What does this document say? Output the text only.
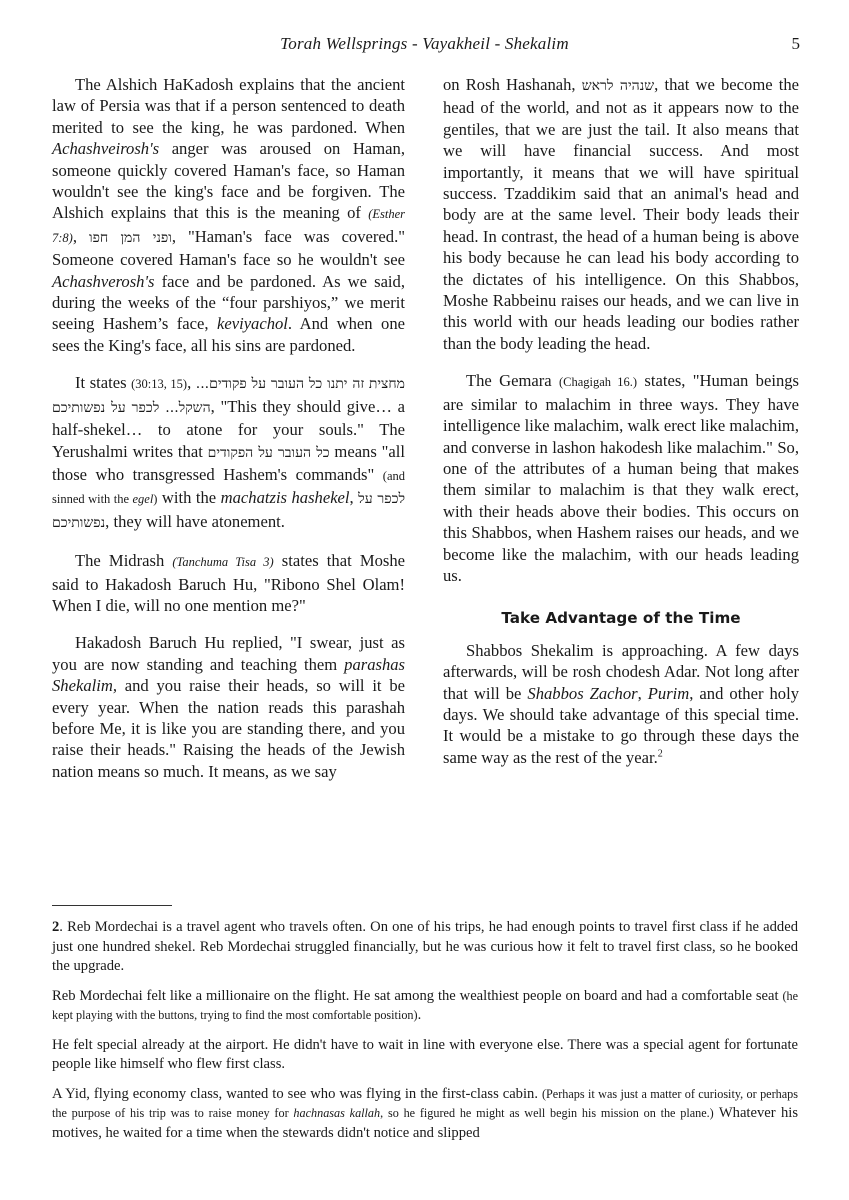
Torah Wellsprings - Vayakheil - Shekalim	5

The Alshich HaKadosh explains that the ancient law of Persia was that if a person sentenced to death merited to see the king, he was pardoned. When Achashveirosh's anger was aroused on Haman, someone quickly covered Haman's face, so Haman wouldn't see the king's face and be forgiven. The Alshich explains that this is the meaning of (Esther 7:8), ופני המן חפו, "Haman's face was covered." Someone covered Haman's face so he wouldn't see Achashverosh's face and be pardoned. As we said, during the weeks of the “four parshiyos,” we merit seeing Hashem’s face, keviyachol. And when one sees the King's face, all his sins are pardoned.

It states (30:13, 15), זה יתנו כל העובר על פקודים... מחצית השקל... לכפר על נפשותיכם, "This they should give… a half-shekel… to atone for your souls." The Yerushalmi writes that כל העובר על הפקודים means "all those who transgressed Hashem's commands" (and sinned with the egel) with the machatzis hashekel, לכפר על נפשותיכם, they will have atonement.

The Midrash (Tanchuma Tisa 3) states that Moshe said to Hakadosh Baruch Hu, "Ribono Shel Olam! When I die, will no one mention me?"

Hakadosh Baruch Hu replied, "I swear, just as you are now standing and teaching them parashas Shekalim, and you raise their heads, so will it be every year. When the nation reads this parashah before Me, it is like you are standing there, and you raise their heads." Raising the heads of the Jewish nation means so much. It means, as we say

on Rosh Hashanah, שנהיה לראש, that we become the head of the world, and not as it appears now to the gentiles, that we are just the tail. It also means that we will have financial success. And most importantly, it means that we will have spiritual success. Tzaddikim said that an animal's head and body are at the same level. Their body leads their head. In contrast, the head of a human being is above his body because he can lead his body according to the dictates of his intelligence. On this Shabbos, Moshe Rabbeinu raises our heads, and we can live in this world with our heads leading our bodies rather than the body leading the head.

The Gemara (Chagigah 16.) states, "Human beings are similar to malachim in three ways. They have intelligence like malachim, walk erect like malachim, and converse in lashon hakodesh like malachim." So, one of the attributes of a human being that makes them similar to malachim is that they walk erect, with their heads above their bodies. This occurs on this Shabbos, when Hashem raises our heads, and we become like the malachim, with our heads leading us.

Take Advantage of the Time

Shabbos Shekalim is approaching. A few days afterwards, will be rosh chodesh Adar. Not long after that will be Shabbos Zachor, Purim, and other holy days. We should take advantage of this special time. It would be a mistake to go through these days the same way as the rest of the year.$^2$

2. Reb Mordechai is a travel agent who travels often. On one of his trips, he had enough points to travel first class if he added just one hundred shekel. Reb Mordechai struggled financially, but he was curious how it felt to travel first class, so he booked the upgrade.

Reb Mordechai felt like a millionaire on the flight. He sat among the wealthiest people on board and had a comfortable seat (he kept playing with the buttons, trying to find the most comfortable position).

He felt special already at the airport. He didn't have to wait in line with everyone else. There was a special agent for fortunate people like himself who flew first class.

A Yid, flying economy class, wanted to see who was flying in the first-class cabin. (Perhaps it was just a matter of curiosity, or perhaps the purpose of his trip was to raise money for hachnasas kallah, so he figured he might as well begin his mission on the plane.) Whatever his motives, he waited for a time when the stewards didn't notice and slipped
